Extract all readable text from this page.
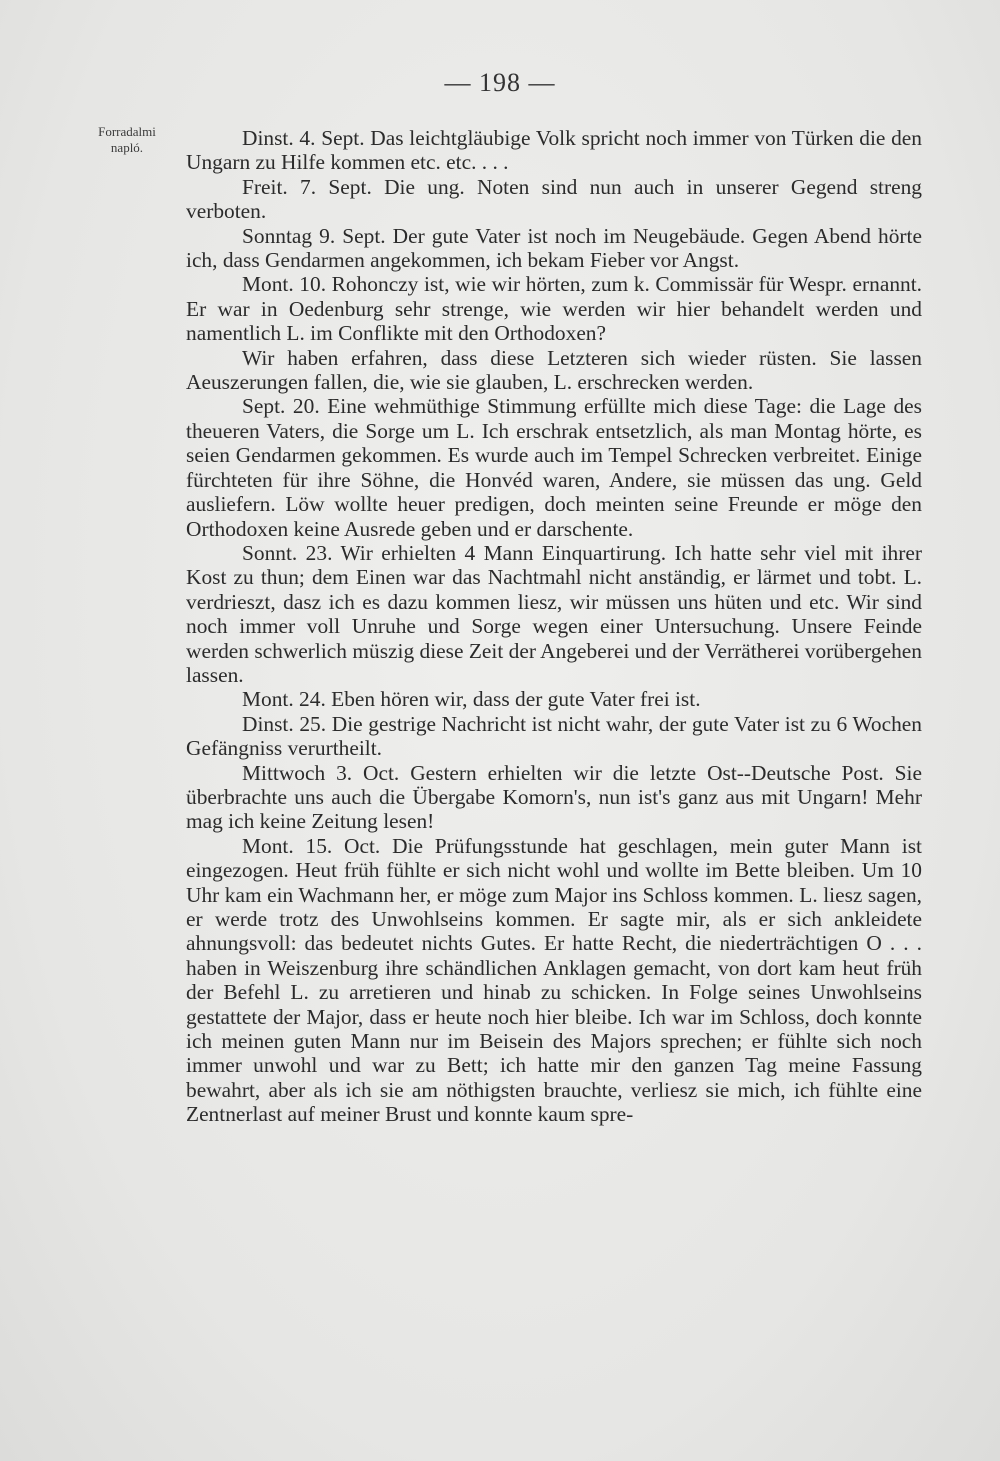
— 198 —
Forradalmi
napló.	Dinst. 4. Sept. Das leichtgläubige Volk spricht noch immer von Türken die den Ungarn zu Hilfe kommen etc. etc. . . .

Freit. 7. Sept. Die ung. Noten sind nun auch in unserer Gegend streng verboten.

Sonntag 9. Sept. Der gute Vater ist noch im Neugebäude. Gegen Abend hörte ich, dass Gendarmen angekommen, ich bekam Fieber vor Angst.

Mont. 10. Rohonczy ist, wie wir hörten, zum k. Commissär für Wespr. ernannt. Er war in Oedenburg sehr strenge, wie werden wir hier behandelt werden und namentlich L. im Conflikte mit den Orthodoxen?

Wir haben erfahren, dass diese Letzteren sich wieder rüsten. Sie lassen Aeuszerungen fallen, die, wie sie glauben, L. erschrecken werden.

Sept. 20. Eine wehmüthige Stimmung erfüllte mich diese Tage: die Lage des theueren Vaters, die Sorge um L. Ich erschrak entsetzlich, als man Montag hörte, es seien Gendarmen gekommen. Es wurde auch im Tempel Schrecken verbreitet. Einige fürchteten für ihre Söhne, die Honvéd waren, Andere, sie müssen das ung. Geld ausliefern. Löw wollte heuer predigen, doch meinten seine Freunde er möge den Orthodoxen keine Ausrede geben und er darschente.

Sonnt. 23. Wir erhielten 4 Mann Einquartirung. Ich hatte sehr viel mit ihrer Kost zu thun; dem Einen war das Nachtmahl nicht anständig, er lärmet und tobt. L. verdrieszt, dasz ich es dazu kommen liesz, wir müssen uns hüten und etc. Wir sind noch immer voll Unruhe und Sorge wegen einer Untersuchung. Unsere Feinde werden schwerlich müszig diese Zeit der Angeberei und der Verrätherei vorübergehen lassen.

Mont. 24. Eben hören wir, dass der gute Vater frei ist.

Dinst. 25. Die gestrige Nachricht ist nicht wahr, der gute Vater ist zu 6 Wochen Gefängniss verurtheilt.

Mittwoch 3. Oct. Gestern erhielten wir die letzte Ost--Deutsche Post. Sie überbrachte uns auch die Übergabe Komorn's, nun ist's ganz aus mit Ungarn! Mehr mag ich keine Zeitung lesen!

Mont. 15. Oct. Die Prüfungsstunde hat geschlagen, mein guter Mann ist eingezogen. Heut früh fühlte er sich nicht wohl und wollte im Bette bleiben. Um 10 Uhr kam ein Wachmann her, er möge zum Major ins Schloss kommen. L. liesz sagen, er werde trotz des Unwohlseins kommen. Er sagte mir, als er sich ankleidete ahnungsvoll: das bedeutet nichts Gutes. Er hatte Recht, die niederträchtigen O . . . haben in Weiszenburg ihre schändlichen Anklagen gemacht, von dort kam heut früh der Befehl L. zu arretieren und hinab zu schicken. In Folge seines Unwohlseins gestattete der Major, dass er heute noch hier bleibe. Ich war im Schloss, doch konnte ich meinen guten Mann nur im Beisein des Majors sprechen; er fühlte sich noch immer unwohl und war zu Bett; ich hatte mir den ganzen Tag meine Fassung bewahrt, aber als ich sie am nöthigsten brauchte, verliesz sie mich, ich fühlte eine Zentnerlast auf meiner Brust und konnte kaum spre-
